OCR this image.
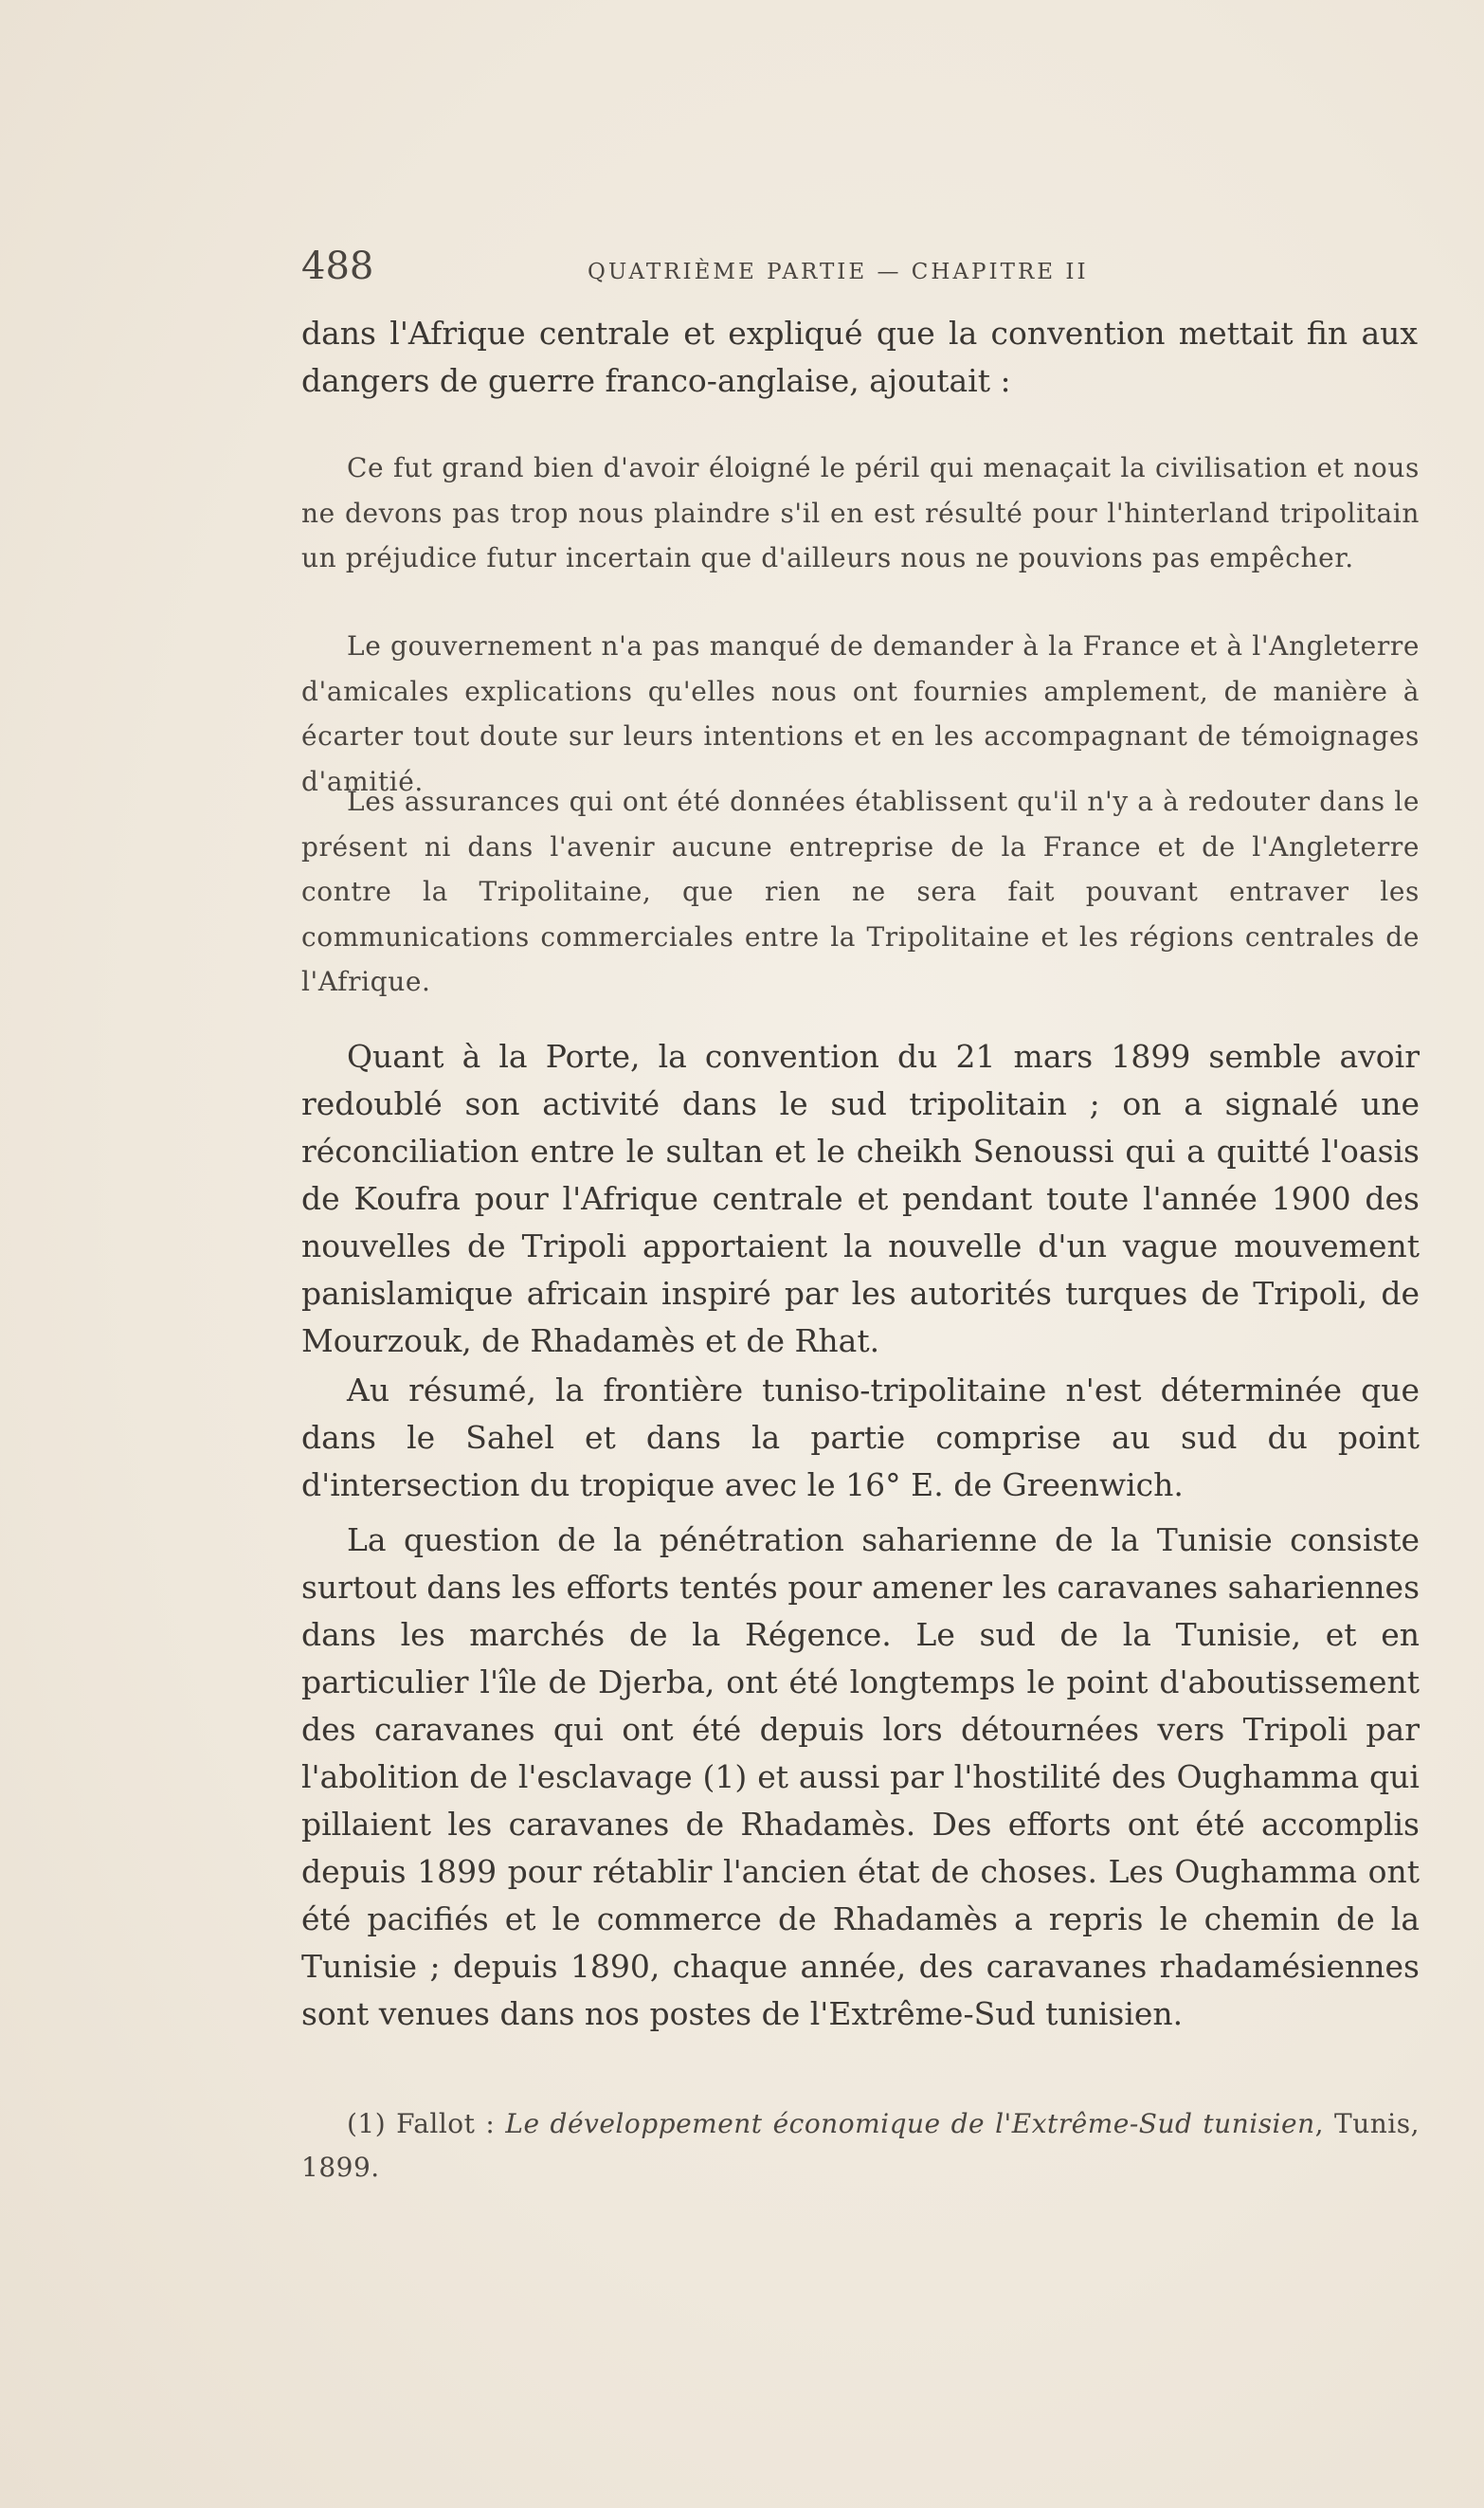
488	QUATRIÈME PARTIE — CHAPITRE II

dans l'Afrique centrale et expliqué que la convention mettait fin aux dangers de guerre franco-anglaise, ajoutait :

Ce fut grand bien d'avoir éloigné le péril qui menaçait la civilisation et nous ne devons pas trop nous plaindre s'il en est résulté pour l'hinterland tripolitain un préjudice futur incertain que d'ailleurs nous ne pouvions pas empêcher.

Le gouvernement n'a pas manqué de demander à la France et à l'Angleterre d'amicales explications qu'elles nous ont fournies amplement, de manière à écarter tout doute sur leurs intentions et en les accompagnant de témoignages d'amitié.

Les assurances qui ont été données établissent qu'il n'y a à redouter dans le présent ni dans l'avenir aucune entreprise de la France et de l'Angleterre contre la Tripolitaine, que rien ne sera fait pouvant entraver les communications commerciales entre la Tripolitaine et les régions centrales de l'Afrique.

Quant à la Porte, la convention du 21 mars 1899 semble avoir redoublé son activité dans le sud tripolitain ; on a signalé une réconciliation entre le sultan et le cheikh Senoussi qui a quitté l'oasis de Koufra pour l'Afrique centrale et pendant toute l'année 1900 des nouvelles de Tripoli apportaient la nouvelle d'un vague mouvement panislamique africain inspiré par les autorités turques de Tripoli, de Mourzouk, de Rhadamès et de Rhat.

Au résumé, la frontière tuniso-tripolitaine n'est déterminée que dans le Sahel et dans la partie comprise au sud du point d'intersection du tropique avec le 16° E. de Greenwich.

La question de la pénétration saharienne de la Tunisie consiste surtout dans les efforts tentés pour amener les caravanes sahariennes dans les marchés de la Régence. Le sud de la Tunisie, et en particulier l'île de Djerba, ont été longtemps le point d'aboutissement des caravanes qui ont été depuis lors détournées vers Tripoli par l'abolition de l'esclavage (1) et aussi par l'hostilité des Oughamma qui pillaient les caravanes de Rhadamès. Des efforts ont été accomplis depuis 1899 pour rétablir l'ancien état de choses. Les Oughamma ont été pacifiés et le commerce de Rhadamès a repris le chemin de la Tunisie ; depuis 1890, chaque année, des caravanes rhadamésiennes sont venues dans nos postes de l'Extrême-Sud tunisien.

(1) Fallot : Le développement économique de l'Extrême-Sud tunisien, Tunis, 1899.
